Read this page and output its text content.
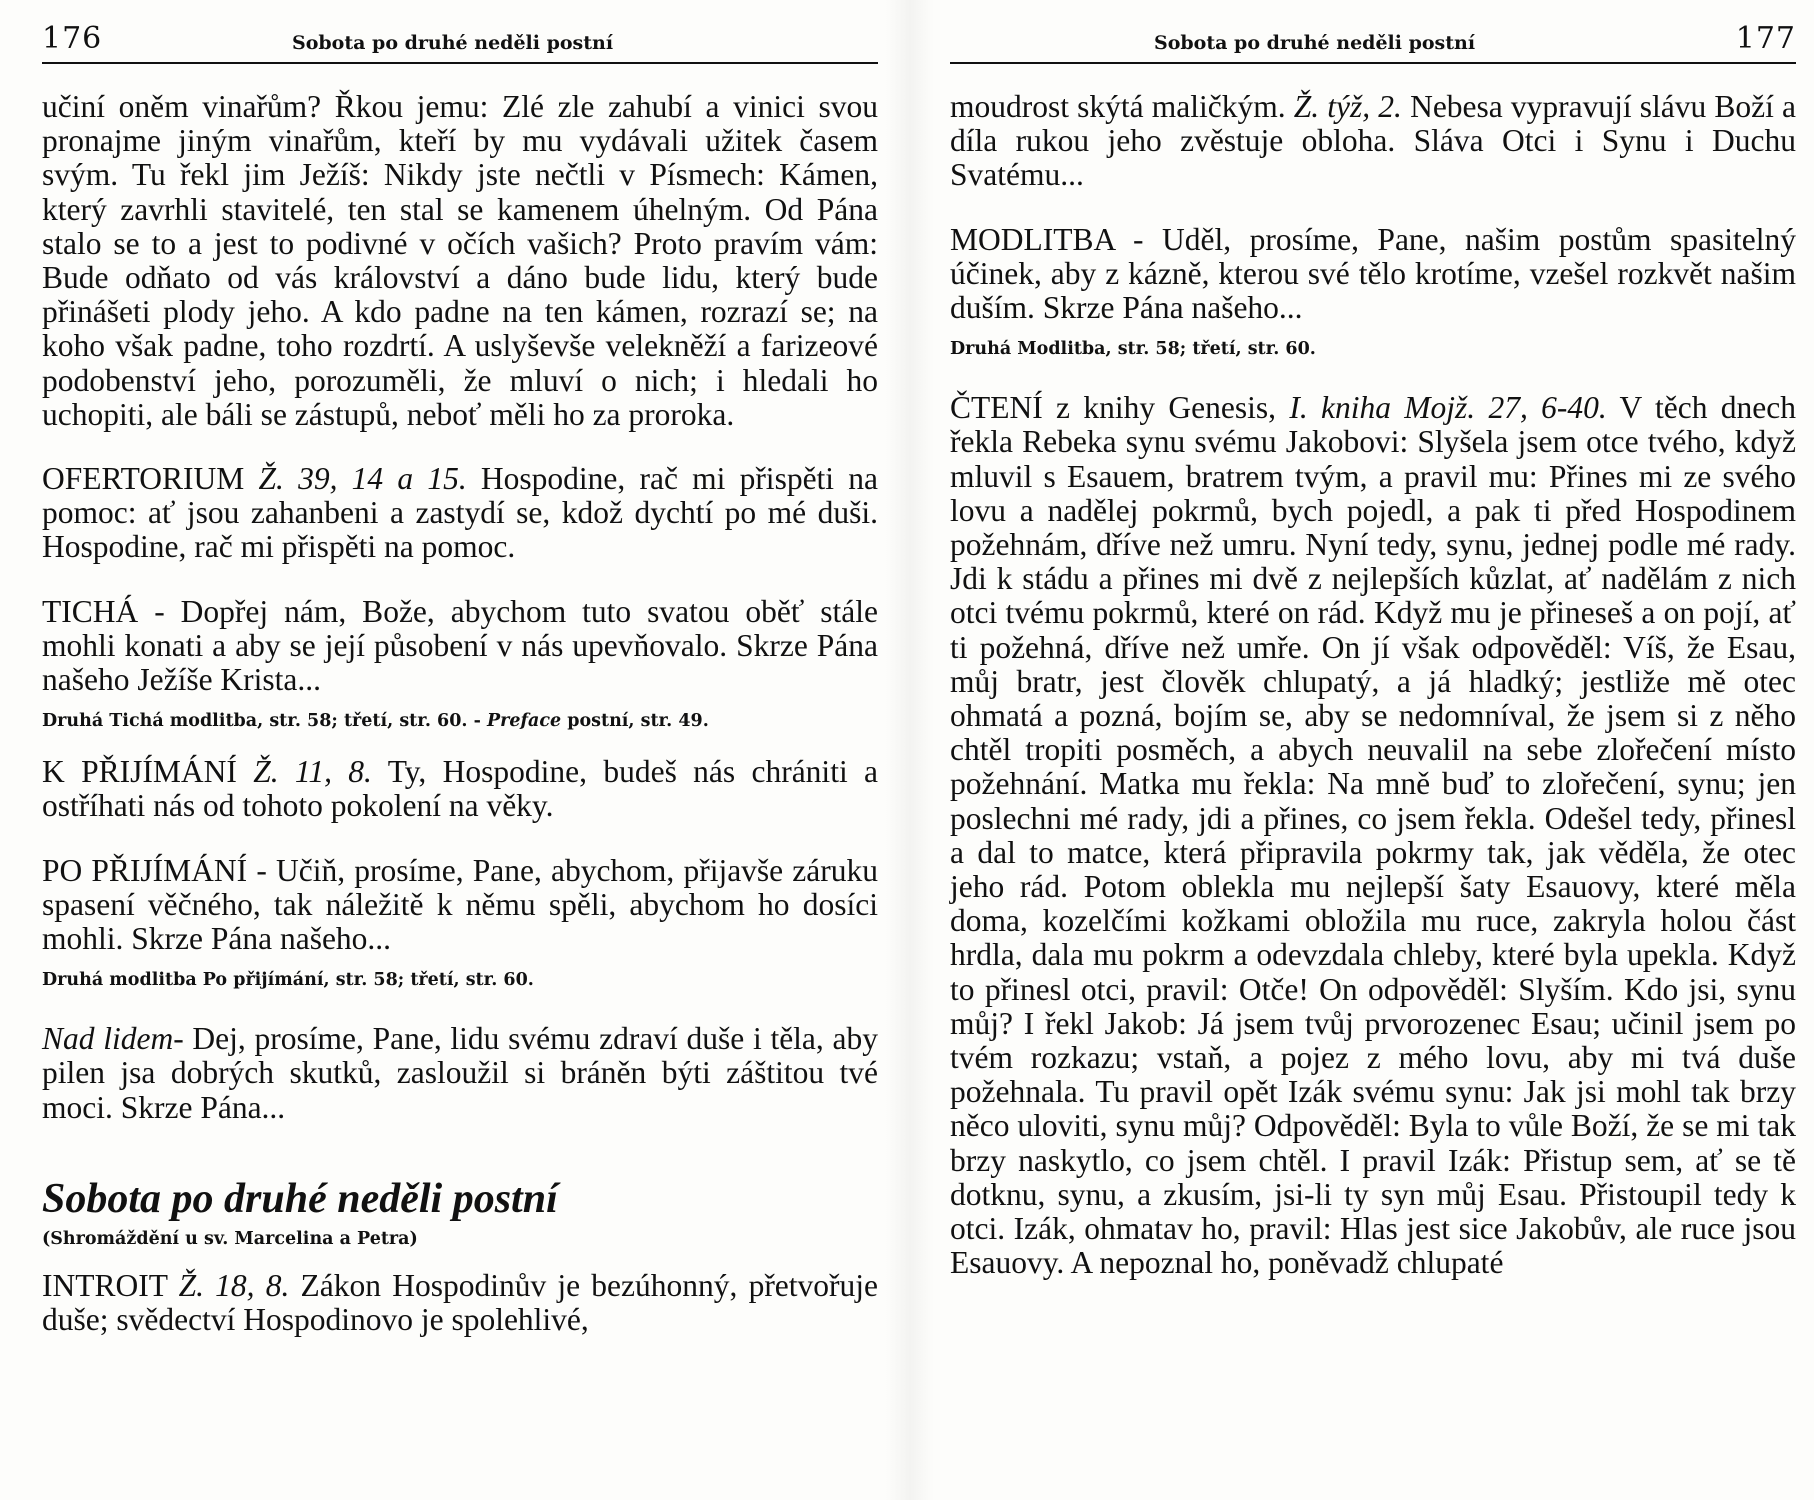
176	Sobota po druhé neděli postní

učiní oněm vinařům? Řkou jemu: Zlé zle zahubí a vinici svou pronajme jiným vinařům, kteří by mu vydávali užitek časem svým. Tu řekl jim Ježíš: Nikdy jste nečtli v Písmech: Kámen, který zavrhli stavitelé, ten stal se kamenem úhelným. Od Pána stalo se to a jest to podivné v očích vašich? Proto pravím vám: Bude odňato od vás království a dáno bude lidu, který bude přinášeti plody jeho. A kdo padne na ten kámen, rozrazí se; na koho však padne, toho rozdrtí. A uslyševše velekněží a farizeové podobenství jeho, porozuměli, že mluví o nich; i hledali ho uchopiti, ale báli se zástupů, neboť měli ho za proroka.

OFERTORIUM Ž. 39, 14 a 15. Hospodine, rač mi přispěti na pomoc: ať jsou zahanbeni a zastydí se, kdož dychtí po mé duši. Hospodine, rač mi přispěti na pomoc.

TICHÁ - Dopřej nám, Bože, abychom tuto svatou oběť stále mohli konati a aby se její působení v nás upevňovalo. Skrze Pána našeho Ježíše Krista...

Druhá Tichá modlitba, str. 58; třetí, str. 60. - Preface postní, str. 49.

K PŘIJÍMÁNÍ Ž. 11, 8. Ty, Hospodine, budeš nás chrániti a ostříhati nás od tohoto pokolení na věky.

PO PŘIJÍMÁNÍ - Učiň, prosíme, Pane, abychom, přijavše záruku spasení věčného, tak náležitě k němu spěli, abychom ho dosíci mohli. Skrze Pána našeho...

Druhá modlitba Po přijímání, str. 58; třetí, str. 60.

Nad lidem- Dej, prosíme, Pane, lidu svému zdraví duše i těla, aby pilen jsa dobrých skutků, zasloužil si bráněn býti záštitou tvé moci. Skrze Pána...

Sobota po druhé neděli postní

(Shromáždění u sv. Marcelina a Petra)

INTROIT Ž. 18, 8. Zákon Hospodinův je bezúhonný, přetvořuje duše; svědectví Hospodinovo je spolehlivé,

Sobota po druhé neděli postní	177

moudrost skýtá maličkým. Ž. týž, 2. Nebesa vypravují slávu Boží a díla rukou jeho zvěstuje obloha. Sláva Otci i Synu i Duchu Svatému...

MODLITBA - Uděl, prosíme, Pane, našim postům spasitelný účinek, aby z kázně, kterou své tělo krotíme, vzešel rozkvět našim duším. Skrze Pána našeho...

Druhá Modlitba, str. 58; třetí, str. 60.

ČTENÍ z knihy Genesis, I. kniha Mojž. 27, 6-40. V těch dnech řekla Rebeka synu svému Jakobovi: Slyšela jsem otce tvého, když mluvil s Esauem, bratrem tvým, a pravil mu: Přines mi ze svého lovu a nadělej pokrmů, bych pojedl, a pak ti před Hospodinem požehnám, dříve než umru. Nyní tedy, synu, jednej podle mé rady. Jdi k stádu a přines mi dvě z nejlepších kůzlat, ať nadělám z nich otci tvému pokrmů, které on rád. Když mu je přineseš a on pojí, ať ti požehná, dříve než umře. On jí však odpověděl: Víš, že Esau, můj bratr, jest člověk chlupatý, a já hladký; jestliže mě otec ohmatá a pozná, bojím se, aby se nedomníval, že jsem si z něho chtěl tropiti posměch, a abych neuvalil na sebe zlořečení místo požehnání. Matka mu řekla: Na mně buď to zlořečení, synu; jen poslechni mé rady, jdi a přines, co jsem řekla. Odešel tedy, přinesl a dal to matce, která připravila pokrmy tak, jak věděla, že otec jeho rád. Potom oblekla mu nejlepší šaty Esauovy, které měla doma, kozelčími kožkami obložila mu ruce, zakryla holou část hrdla, dala mu pokrm a odevzdala chleby, které byla upekla. Když to přinesl otci, pravil: Otče! On odpověděl: Slyším. Kdo jsi, synu můj? I řekl Jakob: Já jsem tvůj prvorozenec Esau; učinil jsem po tvém rozkazu; vstaň, a pojez z mého lovu, aby mi tvá duše požehnala. Tu pravil opět Izák svému synu: Jak jsi mohl tak brzy něco uloviti, synu můj? Odpověděl: Byla to vůle Boží, že se mi tak brzy naskytlo, co jsem chtěl. I pravil Izák: Přistup sem, ať se tě dotknu, synu, a zkusím, jsi-li ty syn můj Esau. Přistoupil tedy k otci. Izák, ohmatav ho, pravil: Hlas jest sice Jakobův, ale ruce jsou Esauovy. A nepoznal ho, poněvadž chlupaté
